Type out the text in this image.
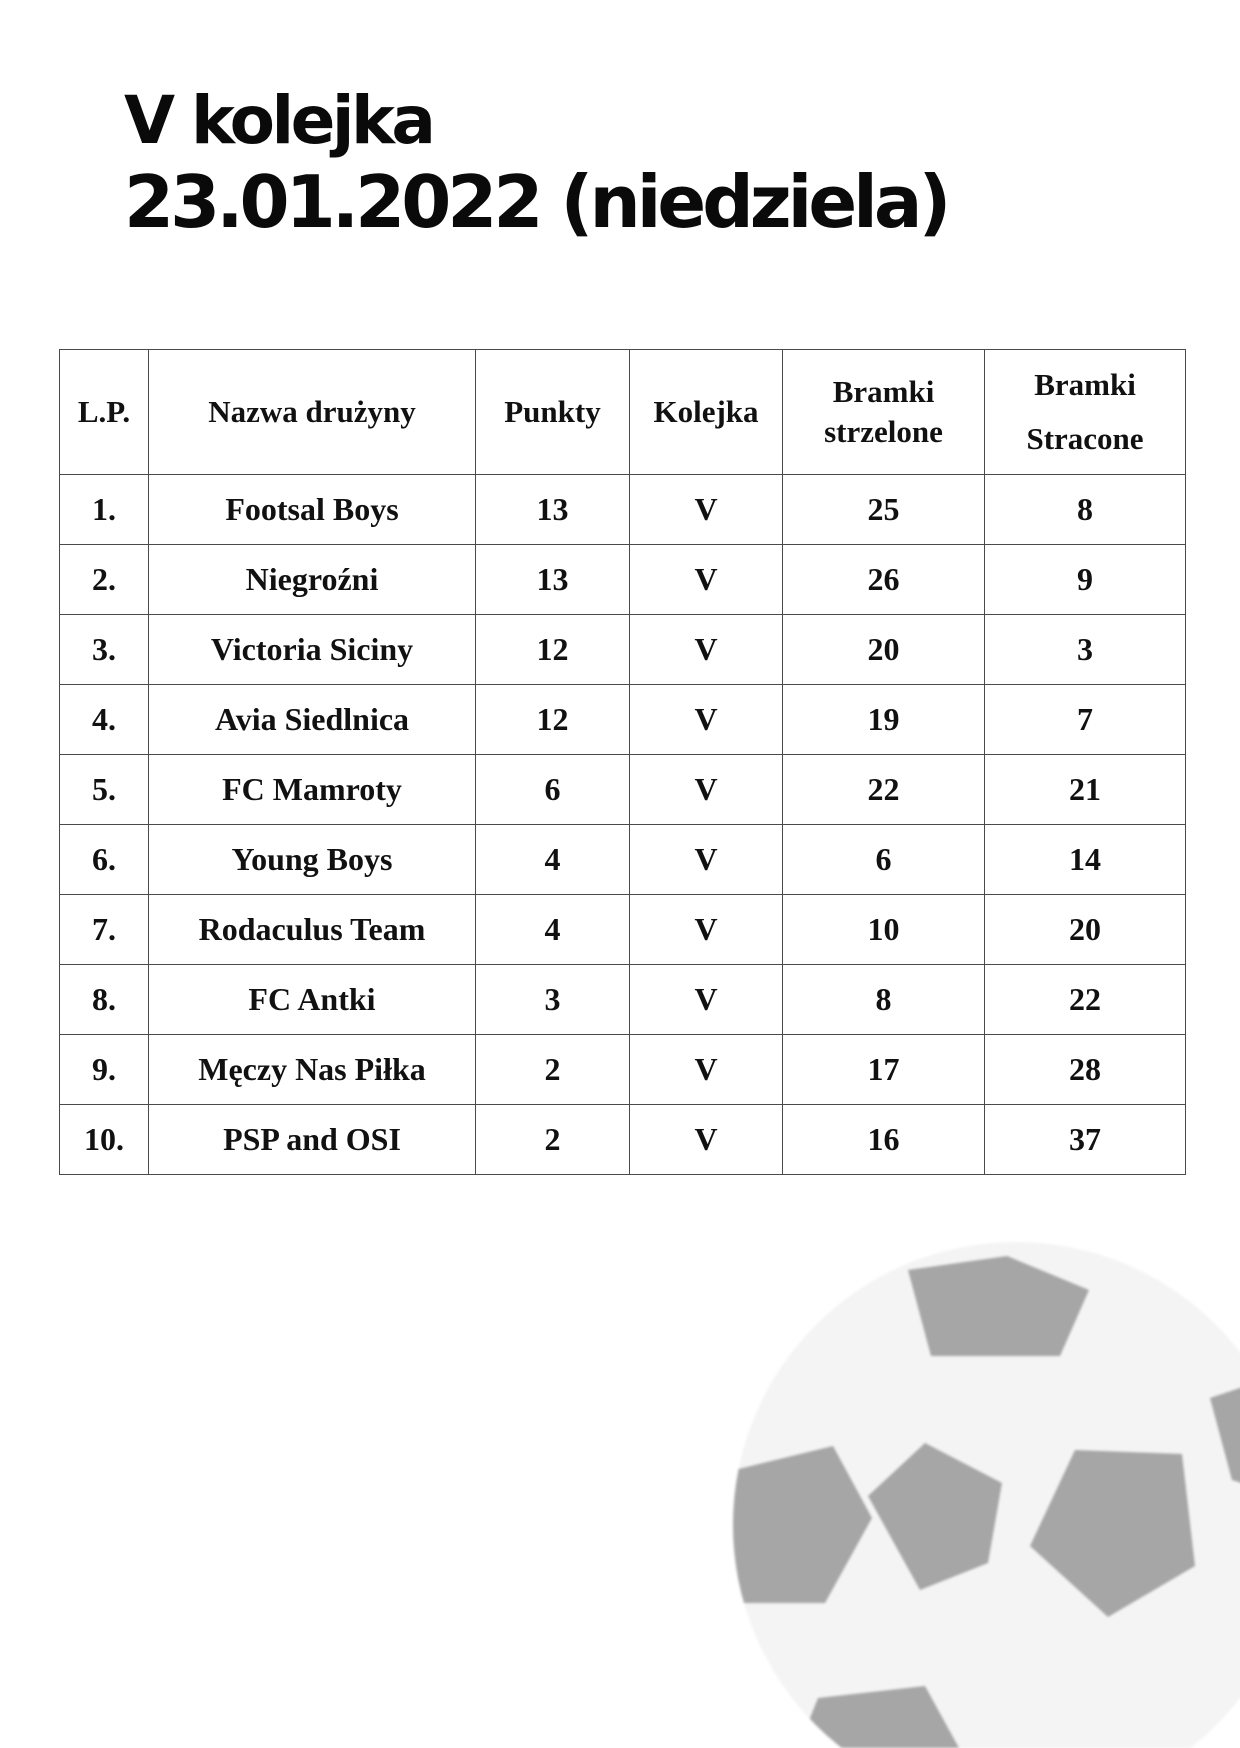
V kolejka
23.01.2022 (niedziela)
L.P.	Nazwa drużyny	Punkty	Kolejka	Bramki strzelone	Bramki Stracone
1.	Footsal Boys	13	V	25	8
2.	Niegroźni	13	V	26	9
3.	Victoria Siciny	12	V	20	3
4.	Avia Siedlnica	12	V	19	7
5.	FC Mamroty	6	V	22	21
6.	Young Boys	4	V	6	14
7.	Rodaculus Team	4	V	10	20
8.	FC Antki	3	V	8	22
9.	Męczy Nas Piłka	2	V	17	28
10.	PSP and OSI	2	V	16	37
